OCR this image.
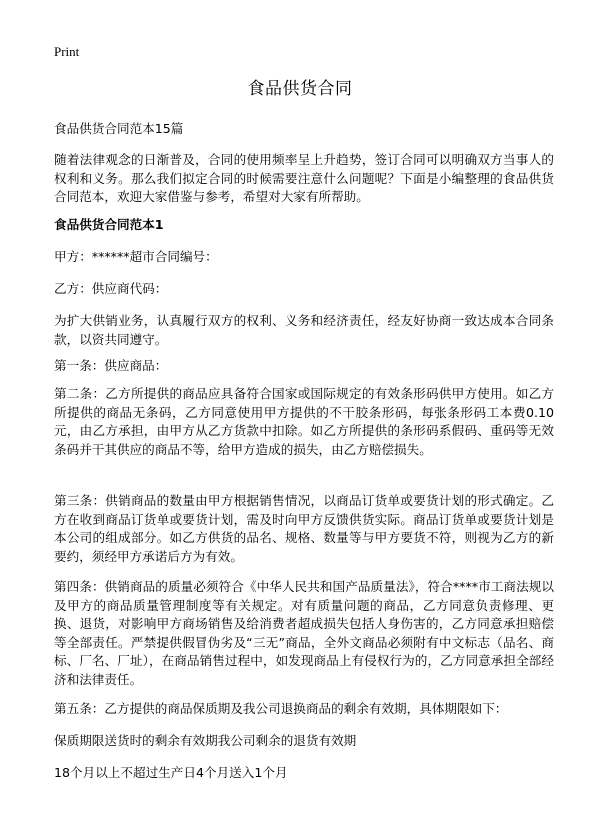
Print
食品供货合同

食品供货合同范本15篇

随着法律观念的日渐普及，合同的使用频率呈上升趋势，签订合同可以明确双方当事人的权利和义务。那么我们拟定合同的时候需要注意什么问题呢？下面是小编整理的食品供货合同范本，欢迎大家借鉴与参考，希望对大家有所帮助。

食品供货合同范本1

甲方：******超市合同编号：

乙方：供应商代码：

为扩大供销业务，认真履行双方的权利、义务和经济责任，经友好协商一致达成本合同条款，以资共同遵守。

第一条：供应商品：

第二条：乙方所提供的商品应具备符合国家或国际规定的有效条形码供甲方使用。如乙方所提供的商品无条码，乙方同意使用甲方提供的不干胶条形码，每张条形码工本费0.10元，由乙方承担，由甲方从乙方货款中扣除。如乙方所提供的条形码系假码、重码等无效条码并干其供应的商品不等，给甲方造成的损失，由乙方赔偿损失。

第三条：供销商品的数量由甲方根据销售情况，以商品订货单或要货计划的形式确定。乙方在收到商品订货单或要货计划，需及时向甲方反馈供货实际。商品订货单或要货计划是本公司的组成部分。如乙方供货的品名、规格、数量等与甲方要货不符，则视为乙方的新要约，须经甲方承诺后方为有效。

第四条：供销商品的质量必须符合《中华人民共和国产品质量法》，符合****市工商法规以及甲方的商品质量管理制度等有关规定。对有质量问题的商品，乙方同意负责修理、更换、退货，对影响甲方商场销售及给消费者超成损失包括人身伤害的，乙方同意承担赔偿等全部责任。严禁提供假冒伪劣及“三无”商品，全外文商品必须附有中文标志（品名、商标、厂名、厂址），在商品销售过程中，如发现商品上有侵权行为的，乙方同意承担全部经济和法律责任。

第五条：乙方提供的商品保质期及我公司退换商品的剩余有效期，具体期限如下：

保质期限送货时的剩余有效期我公司剩余的退货有效期

18个月以上不超过生产日4个月送入1个月
